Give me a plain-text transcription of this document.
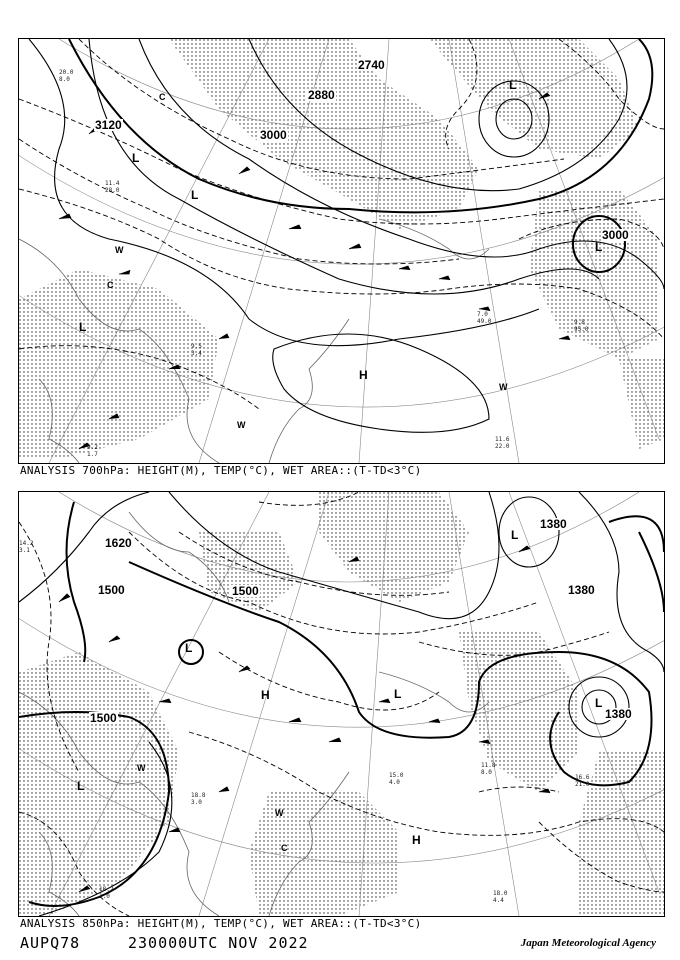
3120
2880
2740
3000
3000
L
L
L
L
H
L
W
W
W
C
C
9.2
1.7
11.6
22.0
9.8
95.0
7.0
49.0
9.5
3.4
11.4
28.0
20.0
8.0
ANALYSIS 700hPa: HEIGHT(M), TEMP(°C), WET AREA::(T-TD<3°C)
1620
1500	1500
1500	1380
1380
1380
L
L
L
L
H
H
W
W
C
L
18.0
4.4
15.0
4.0
11.8
8.0
16.6
21.0
14.2
3.1
18.2
1.0
18.8
3.0
ANALYSIS 850hPa: HEIGHT(M), TEMP(°C), WET AREA::(T-TD<3°C)
AUPQ78	230000UTC NOV 2022	Japan Meteorological Agency
